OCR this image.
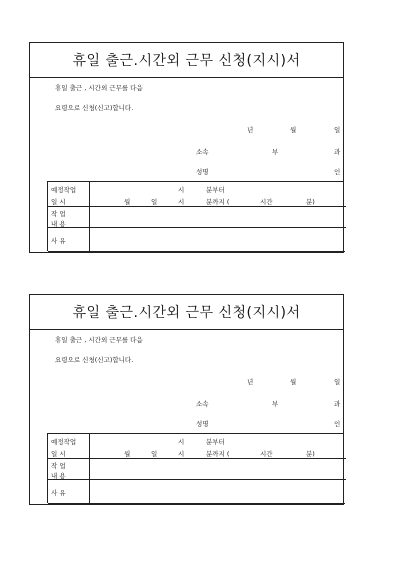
휴일 출근.시간외 근무 신청(지시)서
휴일 출근 , 시간외 근무를 다음
요령으로 신청(신고)합니다.
년	월	일
소속	부	과
성명	인
예정작업
일 시
시	분부터
월	일	시	분까지 (	시간	분)
작 업
내 용
사 유
휴일 출근.시간외 근무 신청(지시)서
휴일 출근 , 시간외 근무를 다음
요령으로 신청(신고)합니다.
년	월	일
소속	부	과
성명	인
예정작업
일 시
시	분부터
월	일	시	분까지 (	시간	분)
작 업
내 용
사 유
